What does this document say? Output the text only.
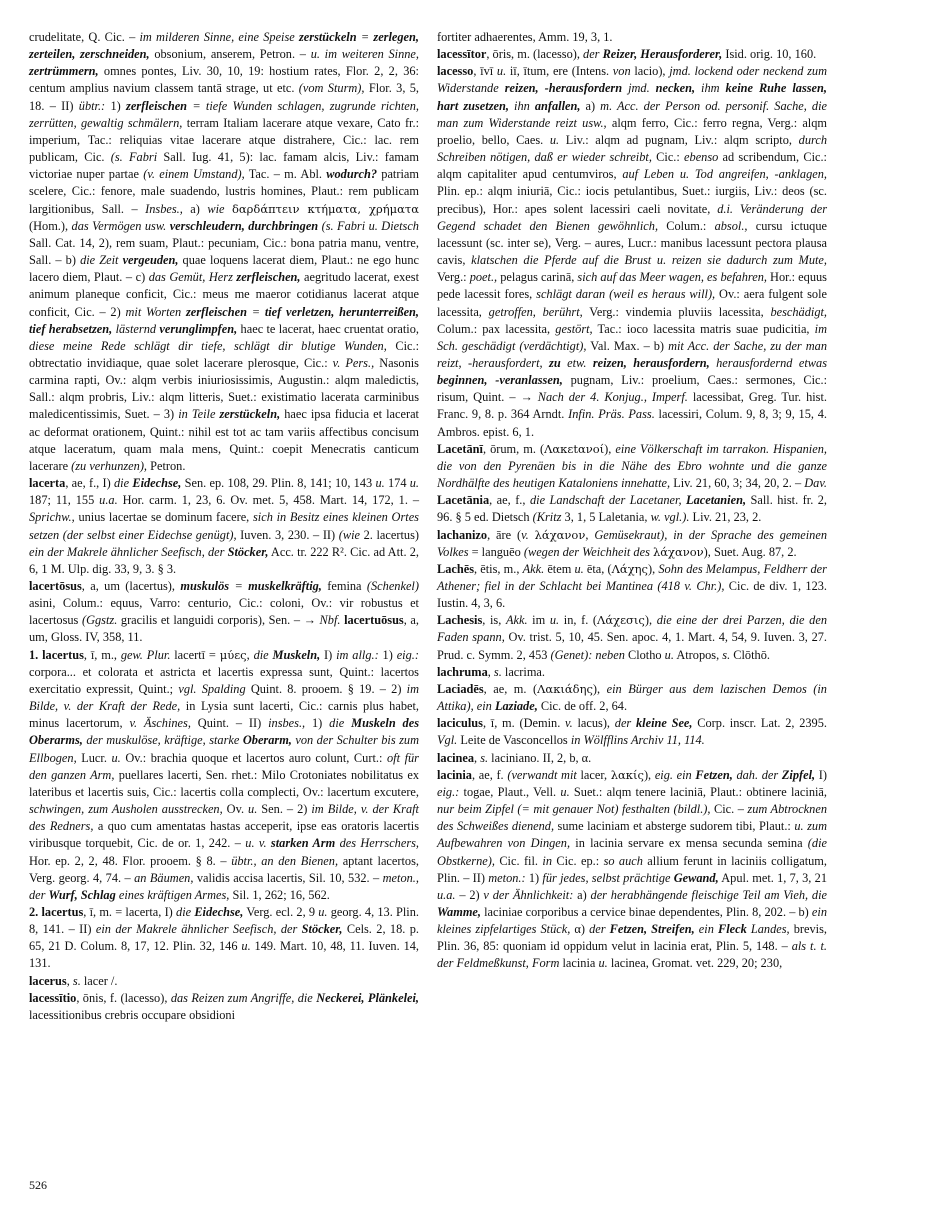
crudelitate, Q. Cic. – im milderen Sinne, eine Speise zerstückeln = zerlegen, zerteilen, zerschneiden, obsonium, anserem, Petron. – u. im weiteren Sinne, zertrümmern, omnes pontes, Liv. 30, 10, 19: hostium rates, Flor. 2, 2, 36: centum amplius navium classem tantā strage, ut etc. (vom Sturm), Flor. 3, 5, 18. – II) übtr.: 1) zerfleischen = tiefe Wunden schlagen, zugrunde richten, zerrütten, gewaltig schmälern, terram Italiam lacerare atque vexare, Cato fr.: imperium, Tac.: reliquias vitae lacerare atque distrahere, Cic.: lac. rem publicam, Cic. (s. Fabri Sall. Iug. 41, 5): lac. famam alcis, Liv.: famam victoriae nuper partae (v. einem Umstand), Tac. – m. Abl. wodurch? patriam scelere, Cic.: fenore, male suadendo, lustris homines, Plaut.: rem publicam largitionibus, Sall. – Insbes., a) wie δαρδάπτειν κτήματα, χρήματα (Hom.), das Vermögen usw. verschleudern, durchbringen (s. Fabri u. Dietsch Sall. Cat. 14, 2), rem suam, Plaut.: pecuniam, Cic.: bona patria manu, ventre, Sall. – b) die Zeit vergeuden, quae loquens lacerat diem, Plaut.: ne ego hunc lacero diem, Plaut. – c) das Gemüt, Herz zerfleischen, aegritudo lacerat, exest animum planeque conficit, Cic.: meus me maeror cotidianus lacerat atque conficit, Cic. – 2) mit Worten zerfleischen = tief verletzen, herunterreißen, tief herabsetzen, lästernd verunglimpfen, haec te lacerat, haec cruentat oratio, diese meine Rede schlägt dir tiefe, schlägt dir blutige Wunden, Cic.: obtrectatio invidiaque, quae solet lacerare plerosque, Cic.: v. Pers., Nasonis carmina rapti, Ov.: alqm verbis iniuriosissimis, Augustin.: alqm maledictis, Sall.: alqm probris, Liv.: alqm litteris, Suet.: existimatio lacerata carminibus maledicentissimis, Suet. – 3) in Teile zerstückeln, haec ipsa fiducia et lacerat ac deformat orationem, Quint.: nihil est tot ac tam variis affectibus concisum atque laceratum, quam mala mens, Quint.: coepit Menecratis canticum lacerare (zu verhunzen), Petron.

lacerta, ae, f., I) die Eidechse, Sen. ep. 108, 29. Plin. 8, 141; 10, 143 u. 174 u. 187; 11, 155 u.a. Hor. carm. 1, 23, 6. Ov. met. 5, 458. Mart. 14, 172, 1. – Sprichw., unius lacertae se dominum facere, sich in Besitz eines kleinen Ortes setzen (der selbst einer Eidechse genügt), Iuven. 3, 230. – II) (wie 2. lacertus) ein der Makrele ähnlicher Seefisch, der Stöcker, Acc. tr. 222 R². Cic. ad Att. 2, 6, 1 M. Ulp. dig. 33, 9, 3. § 3.

lacertōsus, a, um (lacertus), muskulös = muskelkräftig, femina (Schenkel) asini, Colum.: equus, Varro: centurio, Cic.: coloni, Ov.: vir robustus et lacertosus (Ggstz. gracilis et languidi corporis), Sen. – → Nbf. lacertuōsus, a, um, Gloss. IV, 358, 11.

1. lacertus, ī, m., gew. Plur. lacertī = μύες, die Muskeln, I) im allg.: 1) eig.: corpora... et colorata et astricta et lacertis expressa sunt, Quint.: lacertos exercitatio expressit, Quint.; vgl. Spalding Quint. 8. prooem. § 19. – 2) im Bilde, v. der Kraft der Rede, in Lysia sunt lacerti, Cic.: carnis plus habet, minus lacertorum, v. Äschines, Quint. – II) insbes., 1) die Muskeln des Oberarms, der muskulöse, kräftige, starke Oberarm, von der Schulter bis zum Ellbogen, Lucr. u. Ov.: brachia quoque et lacertos auro colunt, Curt.: oft für den ganzen Arm, puellares lacerti, Sen. rhet.: Milo Crotoniates nobilitatus ex lateribus et lacertis suis, Cic.: lacertis colla complecti, Ov.: lacertum excutere, schwingen, zum Ausholen ausstrecken, Ov. u. Sen. – 2) im Bilde, v. der Kraft des Redners, a quo cum amentatas hastas acceperit, ipse eas oratoris lacertis viribusque torquebit, Cic. de or. 1, 242. – u. v. starken Arm des Herrschers, Hor. ep. 2, 2, 48. Flor. prooem. § 8. – übtr., an den Bienen, aptant lacertos, Verg. georg. 4, 74. – an Bäumen, validis accisa lacertis, Sil. 10, 532. – meton., der Wurf, Schlag eines kräftigen Armes, Sil. 1, 262; 16, 562.

2. lacertus, ī, m. = lacerta, I) die Eidechse, Verg. ecl. 2, 9 u. georg. 4, 13. Plin. 8, 141. – II) ein der Makrele ähnlicher Seefisch, der Stöcker, Cels. 2, 18. p. 65, 21 D. Colum. 8, 17, 12. Plin. 32, 146 u. 149. Mart. 10, 48, 11. Iuven. 14, 131.

lacerus, s. lacer /.

lacessītio, ōnis, f. (lacesso), das Reizen zum Angriffe, die Neckerei, Plänkelei, lacessitionibus crebris occupare obsidioni

fortiter adhaerentes, Amm. 19, 3, 1.

lacessītor, ōris, m. (lacesso), der Reizer, Herausforderer, Isid. orig. 10, 160.

lacesso, īvī u. iī, ītum, ere (Intens. von lacio), jmd. lockend oder neckend zum Widerstande reizen, -herausfordern jmd. necken, ihm keine Ruhe lassen, hart zusetzen, ihn anfallen, a) m. Acc. der Person od. personif. Sache, die man zum Widerstande reizt usw., alqm ferro, Cic.: ferro regna, Verg.: alqm proelio, bello, Caes. u. Liv.: alqm ad pugnam, Liv.: alqm scripto, durch Schreiben nötigen, daß er wieder schreibt, Cic.: ebenso ad scribendum, Cic.: alqm capitaliter apud centumviros, auf Leben u. Tod angreifen, -anklagen, Plin. ep.: alqm iniuriā, Cic.: iocis petulantibus, Suet.: iurgiis, Liv.: deos (sc. precibus), Hor.: apes solent lacessiri caeli novitate, d.i. Veränderung der Gegend schadet den Bienen gewöhnlich, Colum.: absol., cursu ictuque lacessunt (sc. inter se), Verg. – aures, Lucr.: manibus lacessunt pectora plausa cavis, klatschen die Pferde auf die Brust u. reizen sie dadurch zum Mute, Verg.: poet., pelagus carinā, sich auf das Meer wagen, es befahren, Hor.: equus pede lacessit fores, schlägt daran (weil es heraus will), Ov.: aera fulgent sole lacessita, getroffen, berührt, Verg.: vindemia pluviis lacessita, beschädigt, Colum.: pax lacessita, gestört, Tac.: ioco lacessita matris suae pudicitia, im Sch. geschädigt (verdächtigt), Val. Max. – b) mit Acc. der Sache, zu der man reizt, -herausfordert, zu etw. reizen, herausfordern, herausfordernd etwas beginnen, -veranlassen, pugnam, Liv.: proelium, Caes.: sermones, Cic.: risum, Quint. – → Nach der 4. Konjug., Imperf. lacessibat, Greg. Tur. hist. Franc. 9, 8. p. 364 Arndt. Infin. Präs. Pass. lacessiri, Colum. 9, 8, 3; 9, 15, 4. Ambros. epist. 6, 1.

Lacetānī, ōrum, m. (Λακεtανοί), eine Völkerschaft im tarrakon. Hispanien, die von den Pyrenäen bis in die Nähe des Ebro wohnte und die ganze Nordhälfte des heutigen Kataloniens innehatte, Liv. 21, 60, 3; 34, 20, 2. – Dav. Lacetānia, ae, f., die Landschaft der Lacetaner, Lacetanien, Sall. hist. fr. 2, 96. § 5 ed. Dietsch (Kritz 3, 1, 5 Laletania, w. vgl.). Liv. 21, 23, 2.

lachanizo, āre (v. λάχανον, Gemüsekraut), in der Sprache des gemeinen Volkes = languēo (wegen der Weichheit des λάχανον), Suet. Aug. 87, 2.

Lachēs, ētis, m., Akk. ētem u. ēta, (Λάχης), Sohn des Melampus, Feldherr der Athener; fiel in der Schlacht bei Mantinea (418 v. Chr.), Cic. de div. 1, 123. Iustin. 4, 3, 6.

Lachesis, is, Akk. im u. in, f. (Λάχεσις), die eine der drei Parzen, die den Faden spann, Ov. trist. 5, 10, 45. Sen. apoc. 4, 1. Mart. 4, 54, 9. Iuven. 3, 27. Prud. c. Symm. 2, 453 (Genet): neben Clotho u. Atropos, s. Clōthō.

lachruma, s. lacrima.

Laciadēs, ae, m. (Λακιάδης), ein Bürger aus dem lazischen Demos (in Attika), ein Laziade, Cic. de off. 2, 64.

laciculus, ī, m. (Demin. v. lacus), der kleine See, Corp. inscr. Lat. 2, 2395. Vgl. Leite de Vasconcellos in Wölfflins Archiv 11, 114.

lacinea, s. laciniano. II, 2, b, α.

lacinia, ae, f. (verwandt mit lacer, λακίς), eig. ein Fetzen, dah. der Zipfel, I) eig.: togae, Plaut., Vell. u. Suet.: alqm tenere laciniā, Plaut.: obtinere laciniā, nur beim Zipfel (= mit genauer Not) festhalten (bildl.), Cic. – zum Abtrocknen des Schweißes dienend, sume laciniam et absterge sudorem tibi, Plaut.: u. zum Aufbewahren von Dingen, in lacinia servare ex mensa secunda semina (die Obstkerne), Cic. fil. in Cic. ep.: so auch allium ferunt in laciniis colligatum, Plin. – II) meton.: 1) für jedes, selbst prächtige Gewand, Apul. met. 1, 7, 3, 21 u.a. – 2) v der Ähnlichkeit: a) der herabhängende fleischige Teil am Vieh, die Wamme, laciniae corporibus a cervice binae dependentes, Plin. 8, 202. – b) ein kleines zipfelartiges Stück, α) der Fetzen, Streifen, ein Fleck Landes, brevis, Plin. 36, 85: quoniam id oppidum velut in lacinia erat, Plin. 5, 148. – als t. t. der Feldmeßkunst, Form lacinia u. lacinea, Gromat. vet. 229, 20; 230,

526
